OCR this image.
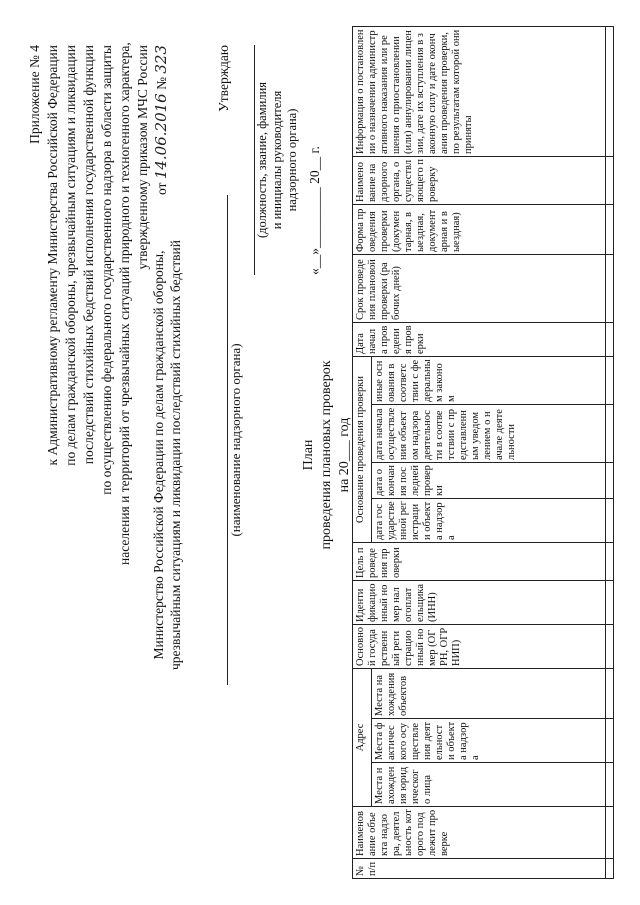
Приложение № 4 к Административному регламенту Министерства Российской Федерации по делам гражданской обороны, чрезвычайным ситуациям и ликвидации последствий стихийных бедствий исполнения государственной функции по осуществлению федерального государственного надзора в области защиты населения и территорий от чрезвычайных ситуаций природного и техногенного характера, утвержденному приказом МЧС России от 14.06.2016 № 323	Утверждаю
(должность, звание, фамилия и инициалы руководителя надзорного органа) «__»_________ 20__ г.
Министерство Российской Федерации по делам гражданской обороны, чрезвычайным ситуациям и ликвидации последствий стихийных бедствий	(наименование надзорного органа)	План проведения плановых проверок на 20___ год
№ п/п	Наименование объекта надзора, деятельность которого подлежит проверке	Адрес			Основной государственный регистрационный номер (ОГРН, ОГРНИП)	Идентификационный номер налогоплательщика (ИНН)	Цель проведения проверки	Основание проведения проверки				Дата начала проведения проверки	Срок проведения плановой проверки (рабочих дней)	Форма проведения проверки (документарная, выездная, документарная и выездная)	Наименование надзорного органа, осуществляющего проверку	Информация о постановлении о назначении административного наказания или решения о приостановлении (или) аннулировании лицензии, дате их вступления в законную силу и дате окончания проведения проверки, по результатам которой они приняты
		Места нахождения юридического лица	Места фактического осуществления деятельности объекта надзора	Места нахождения объектов				дата государственной регистрации объекта надзора	дата окончания последней проверки	дата начала осуществления объектом надзора деятельности в соответствии с представленным уведомлением о начале деятельности	иные основания в соответствии с федеральным законом					
